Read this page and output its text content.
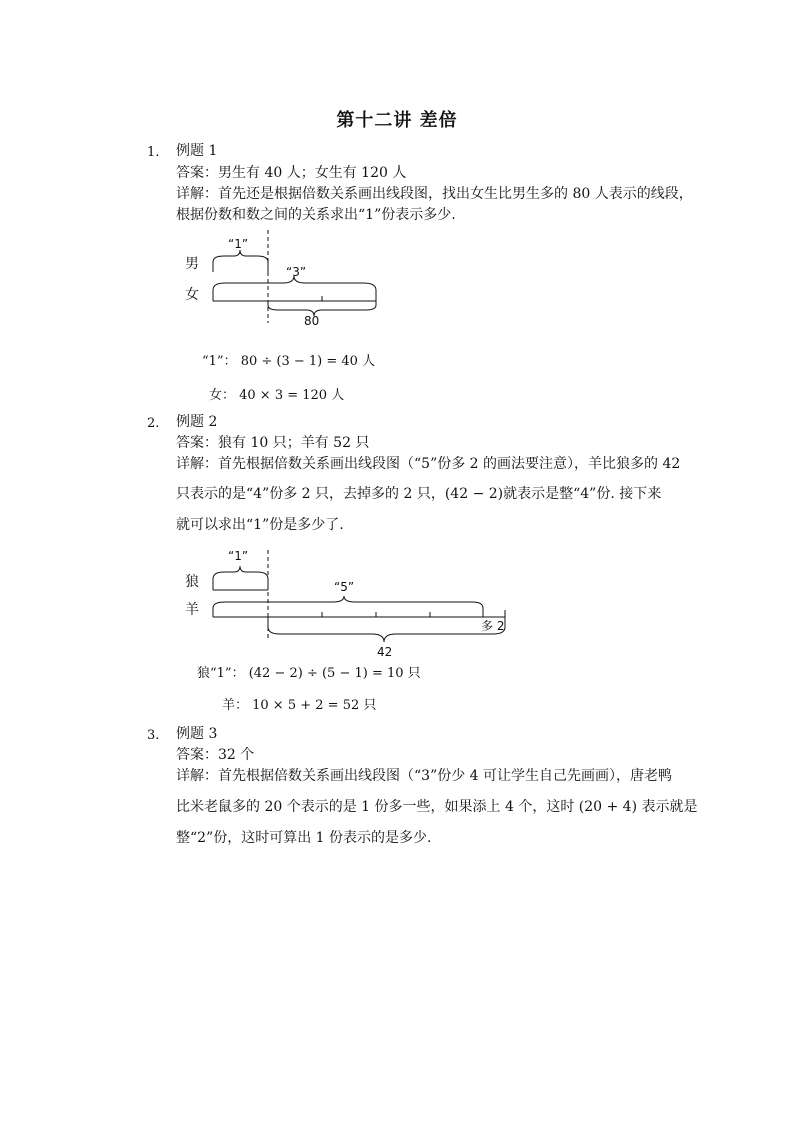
第十二讲 差倍
1. 例题 1
答案：男生有 40 人；女生有 120 人
详解：首先还是根据倍数关系画出线段图，找出女生比男生多的 80 人表示的线段，
根据份数和数之间的关系求出“1”份表示多少.
“1”
男	“3”
女
80
“1”
狼	“5”
羊
多 2
42
“1”： 80 ÷ (3 − 1) = 40 人
女： 40 × 3 = 120 人
2. 例题 2
答案：狼有 10 只；羊有 52 只
详解：首先根据倍数关系画出线段图（“5”份多 2 的画法要注意），羊比狼多的 42
只表示的是“4”份多 2 只，去掉多的 2 只，(42 − 2)就表示是整“4”份. 接下来
就可以求出“1”份是多少了.
狼“1”： (42 − 2) ÷ (5 − 1) = 10 只
羊： 10 × 5 + 2 = 52 只
3. 例题 3
答案：32 个
详解：首先根据倍数关系画出线段图（“3”份少 4 可让学生自己先画画），唐老鸭
比米老鼠多的 20 个表示的是 1 份多一些，如果添上 4 个，这时 (20 + 4) 表示就是
整“2”份，这时可算出 1 份表示的是多少.
